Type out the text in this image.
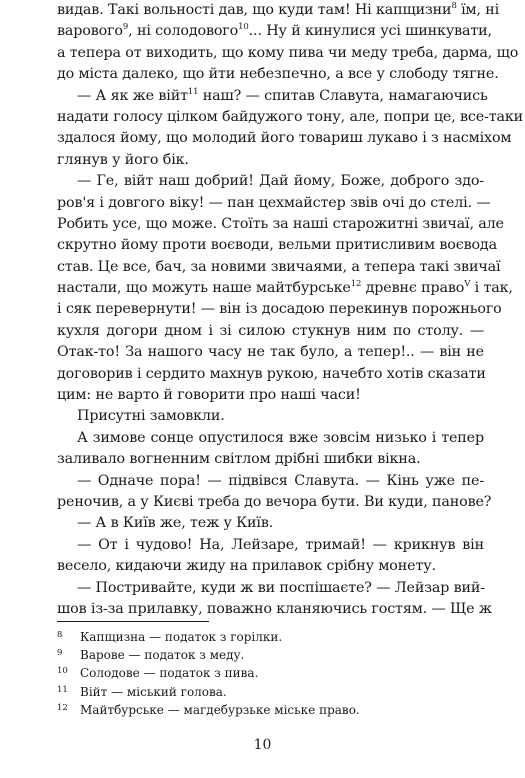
видав. Такі вольності дав, що куди там! Ні капщизни$^8$ їм, ні
варового$^9$, ні солодового$^{10}$... Ну й кинулися усі шинкувати,
а тепера от виходить, що кому пива чи меду треба, дарма, що
до міста далеко, що йти небезпечно, а все у слободу тягне.
— А як же війт$^{11}$ наш? — спитав Славута, намагаючись
надати голосу цілком байдужого тону, але, попри це, все-таки
здалося йому, що молодий його товариш лукаво і з насміхом
глянув у його бік.
— Ге, війт наш добрий! Дай йому, Боже, доброго здо-
ров'я і довгого віку! — пан цехмайстер звів очі до стелі. —
Робить усе, що може. Стоїть за наші старожитні звичаї, але
скрутно йому проти воєводи, вельми притисливим воєвода
став. Це все, бач, за новими звичаями, а тепера такі звичаї
настали, що можуть наше майтбурське$^{12}$ древнє право$^V$ і так,
і сяк перевернути! — він із досадою перекинув порожнього
кухля догори дном і зі силою стукнув ним по столу. —
Отак-то! За нашого часу не так було, а тепер!.. — він не
договорив і сердито махнув рукою, начебто хотів сказати
цим: не варто й говорити про наші часи!
Присутні замовкли.
А зимове сонце опустилося вже зовсім низько і тепер
заливало вогненним світлом дрібні шибки вікна.
— Одначе пора! — підвівся Славута. — Кінь уже пе-
реночив, а у Києві треба до вечора бути. Ви куди, панове?
— А в Київ же, теж у Київ.
— От і чудово! На, Лейзаре, тримай! — крикнув він
весело, кидаючи жиду на прилавок срібну монету.
— Постривайте, куди ж ви поспішаєте? — Лейзар вий-
шов із-за прилавку, поважно кланяючись гостям. — Ще ж
8	Капщизна — податок з горілки.
9	Варове — податок з меду.
10	Солодове — податок з пива.
11	Війт — міський голова.
12	Майтбурське — магдебурзьке міське право.
10
